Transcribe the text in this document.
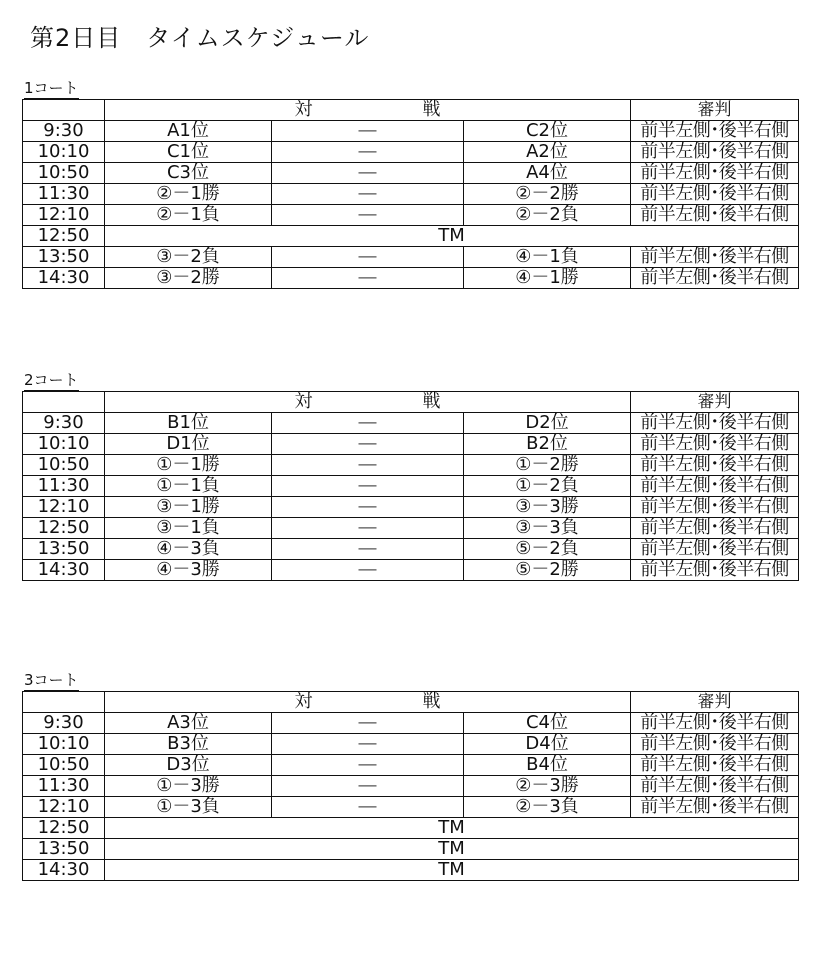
第2日目　タイムスケジュール
1コート
	対 戦			審判
9:30	A1位	―	C2位	前半左側･後半右側
10:10	C1位	―	A2位	前半左側･後半右側
10:50	C3位	―	A4位	前半左側･後半右側
11:30	②－1勝	―	②－2勝	前半左側･後半右側
12:10	②－1負	―	②－2負	前半左側･後半右側
12:50	TM			
13:50	③－2負	―	④－1負	前半左側･後半右側
14:30	③－2勝	―	④－1勝	前半左側･後半右側
2コート
	対 戦			審判
9:30	B1位	―	D2位	前半左側･後半右側
10:10	D1位	―	B2位	前半左側･後半右側
10:50	①－1勝	―	①－2勝	前半左側･後半右側
11:30	①－1負	―	①－2負	前半左側･後半右側
12:10	③－1勝	―	③－3勝	前半左側･後半右側
12:50	③－1負	―	③－3負	前半左側･後半右側
13:50	④－3負	―	⑤－2負	前半左側･後半右側
14:30	④－3勝	―	⑤－2勝	前半左側･後半右側
3コート
	対 戦			審判
9:30	A3位	―	C4位	前半左側･後半右側
10:10	B3位	―	D4位	前半左側･後半右側
10:50	D3位	―	B4位	前半左側･後半右側
11:30	①－3勝	―	②－3勝	前半左側･後半右側
12:10	①－3負	―	②－3負	前半左側･後半右側
12:50	TM			
13:50	TM			
14:30	TM			
